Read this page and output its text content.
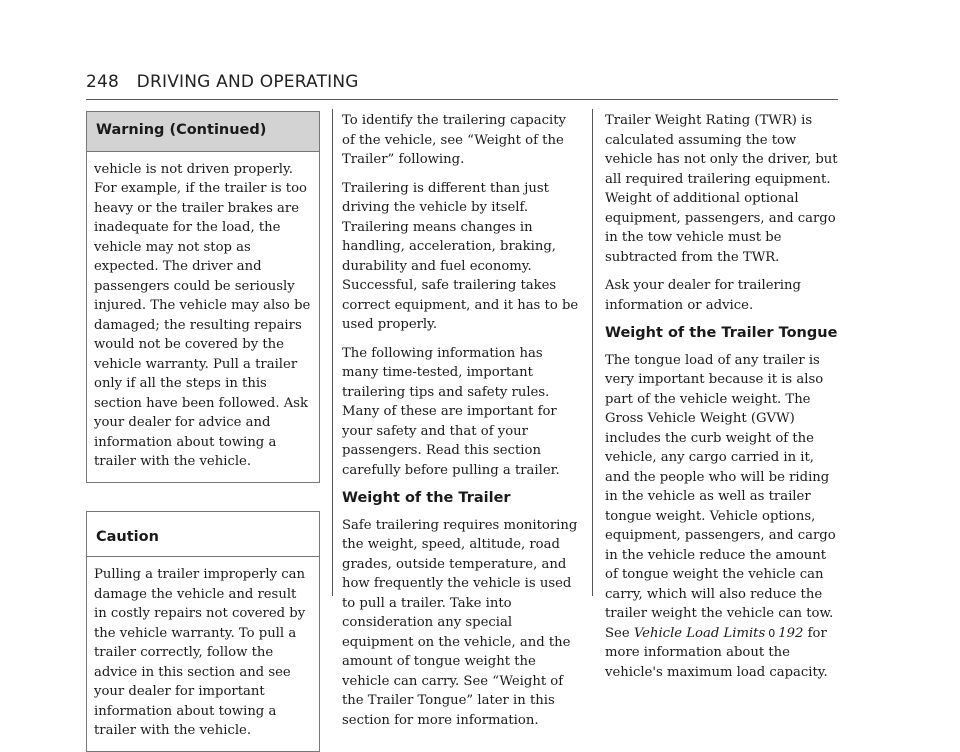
248 DRIVING AND OPERATING
Warning (Continued)
vehicle is not driven properly. For example, if the trailer is too heavy or the trailer brakes are inadequate for the load, the vehicle may not stop as expected. The driver and passengers could be seriously injured. The vehicle may also be damaged; the resulting repairs would not be covered by the vehicle warranty. Pull a trailer only if all the steps in this section have been followed. Ask your dealer for advice and information about towing a trailer with the vehicle.
Caution
Pulling a trailer improperly can damage the vehicle and result in costly repairs not covered by the vehicle warranty. To pull a trailer correctly, follow the advice in this section and see your dealer for important information about towing a trailer with the vehicle.

To identify the trailering capacity of the vehicle, see “Weight of the Trailer” following.

Trailering is different than just driving the vehicle by itself. Trailering means changes in handling, acceleration, braking, durability and fuel economy. Successful, safe trailering takes correct equipment, and it has to be used properly.

The following information has many time-tested, important trailering tips and safety rules. Many of these are important for your safety and that of your passengers. Read this section carefully before pulling a trailer.

Weight of the Trailer

Safe trailering requires monitoring the weight, speed, altitude, road grades, outside temperature, and how frequently the vehicle is used to pull a trailer. Take into consideration any special equipment on the vehicle, and the amount of tongue weight the vehicle can carry. See “Weight of the Trailer Tongue” later in this section for more information.

Trailer Weight Rating (TWR) is calculated assuming the tow vehicle has not only the driver, but all required trailering equipment. Weight of additional optional equipment, passengers, and cargo in the tow vehicle must be subtracted from the TWR.

Ask your dealer for trailering information or advice.

Weight of the Trailer Tongue

The tongue load of any trailer is very important because it is also part of the vehicle weight. The Gross Vehicle Weight (GVW) includes the curb weight of the vehicle, any cargo carried in it, and the people who will be riding in the vehicle as well as trailer tongue weight. Vehicle options, equipment, passengers, and cargo in the vehicle reduce the amount of tongue weight the vehicle can carry, which will also reduce the trailer weight the vehicle can tow. See Vehicle Load Limits 0 192 for more information about the vehicle's maximum load capacity.
